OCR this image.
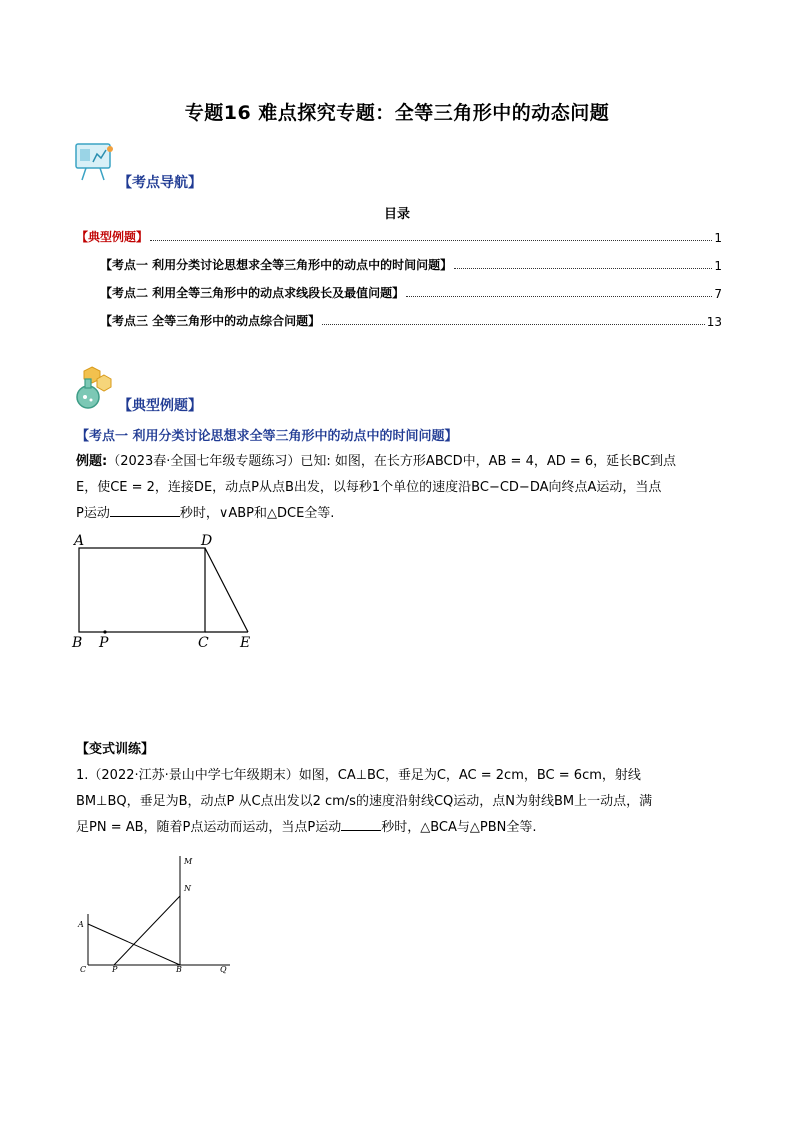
专题16 难点探究专题：全等三角形中的动态问题
【考点导航】
目录
【典型例题】	1
【考点一 利用分类讨论思想求全等三角形中的动点中的时间问题】	1
【考点二 利用全等三角形中的动点求线段长及最值问题】	7
【考点三 全等三角形中的动点综合问题】	13
【典型例题】
【考点一 利用分类讨论思想求全等三角形中的动点中的时间问题】
例题:（2023春·全国七年级专题练习）已知: 如图，在长方形ABCD中，AB = 4，AD = 6，延长BC到点
E，使CE = 2，连接DE，动点P从点B出发，以每秒1个单位的速度沿BC−CD−DA向终点A运动，当点
P运动	秒时，∨ABP和△DCE全等.
A	D
B P	C E
【变式训练】
1.（2022·江苏·景山中学七年级期末）如图，CA⊥BC，垂足为C，AC = 2cm，BC = 6cm，射线
BM⊥BQ，垂足为B，动点P 从C点出发以2 cm/s的速度沿射线CQ运动，点N为射线BM上一动点，满
足PN = AB，随着P点运动而运动，当点P运动	秒时，△BCA与△PBN全等.
M
N
A
C	P	B	Q
